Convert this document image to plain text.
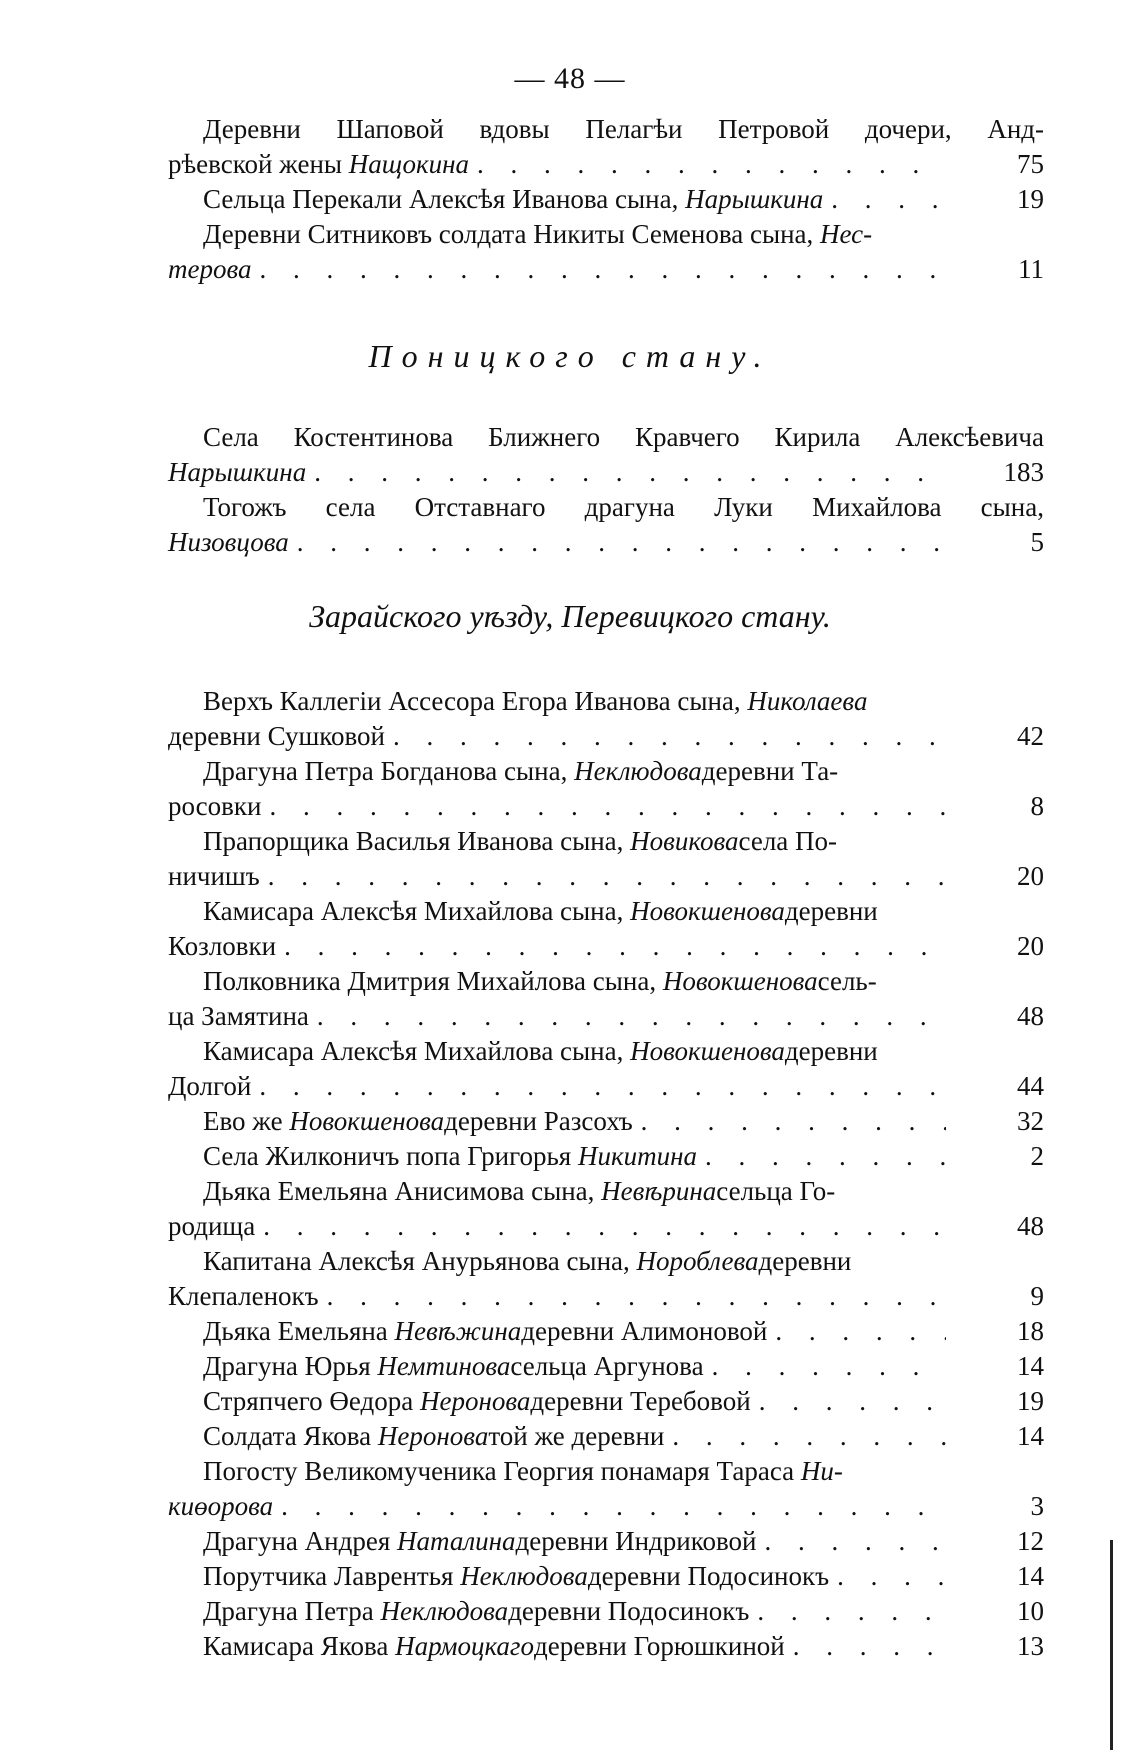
— 48 —
Деревни Шаповой вдовы Пелагѣи Петровой дочери, Анд-
рѣевской жены
Нащокина . . .	75
Сельца Перекали Алексѣя Иванова сына,
Нарышкина . . .	19
Деревни Ситниковъ солдата Никиты Семенова сына,
Нес-
терова . . .	11
Поницкого стану.
Села Костентинова Ближнего Кравчего Кирила Алексѣевича
Нарышкина . . .	183
Тогожъ села Отставнаго драгуна Луки Михайлова сына,
Низовцова . . .	5
Зарайского уѣзду, Перевицкого стану.
Верхъ Каллегіи Ассесора Егора Иванова сына,
Николаева
деревни Сушковой . . .	42
Драгуна Петра Богданова сына,
Неклюдова деревни Та-
росовки . . .	8
Прапорщика Василья Иванова сына,
Новикова села По-
ничишъ . . .	20
Камисара Алексѣя Михайлова сына,
Новокшенова деревни
Козловки . . .	20
Полковника Дмитрия Михайлова сына,
Новокшенова сель-
ца Замятина . . .	48
Камисара Алексѣя Михайлова сына,
Новокшенова деревни
Долгой . . .	44
Ево же
Новокшенова деревни Разсохъ . . .	32
Села Жилконичъ попа Григорья
Никитина . . .	2
Дьяка Емельяна Анисимова сына,
Невѣрина сельца Го-
родища . . .	48
Капитана Алексѣя Анурьянова сына,
Нороблева деревни
Клепаленокъ . . .	9
Дьяка Емельяна
Невѣжина деревни Алимоновой . . .	18
Драгуна Юрья
Немтинова сельца Аргунова . . .	14
Стряпчего Өедора
Неронова деревни Теребовой . . .	19
Солдата Якова
Неронова той же деревни . . .	14
Погосту Великомученика Георгия понамаря Тараса
Ни-
киөорова . . .	3
Драгуна Андрея
Наталина деревни Индриковой . . .	12
Порутчика Лаврентья
Неклюдова деревни Подосинокъ . . .	14
Драгуна Петра
Неклюдова деревни Подосинокъ . . .	10
Камисара Якова
Нармоцкаго деревни Горюшкиной . . .	13
